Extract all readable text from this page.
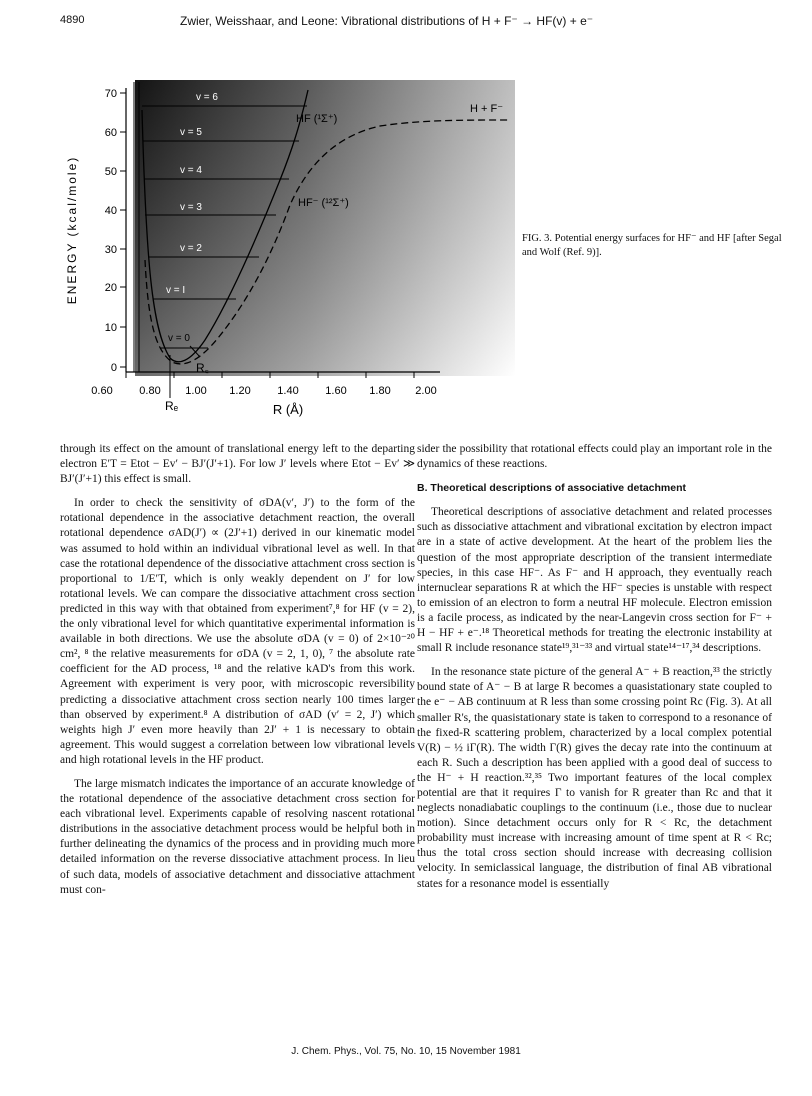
4890	Zwier, Weisshaar, and Leone: Vibrational distributions of H + F⁻ → HF(v) + e⁻
0
10
20
30
40
50
60
70
ENERGY (kcal/mole)
0.60 0.80 1.00 1.20 1.40 1.60 1.80 2.00
R (Å)
Rₑ
v = 0
v = I
v = 2
v = 3
v = 4
v = 5
v = 6
R꜀
HF (¹Σ⁺)
HF⁻ (¹²Σ⁺)
H + F⁻
FIG. 3. Potential energy surfaces for HF⁻ and HF [after Segal and Wolf (Ref. 9)].

through its effect on the amount of translational energy left to the departing electron E′T = Etot − Ev′ − BJ′(J′+1). For low J′ levels where Etot − Ev′ ≫ BJ′(J′+1) this effect is small.

In order to check the sensitivity of σDA(v′, J′) to the form of the rotational dependence in the associative detachment reaction, the overall rotational dependence σAD(J′) ∝ (2J′+1) derived in our kinematic model was assumed to hold within an individual vibrational level as well. In that case the rotational dependence of the dissociative attachment cross section is proportional to 1/E′T, which is only weakly dependent on J′ for low rotational levels. We can compare the dissociative attachment cross section predicted in this way with that obtained from experiment⁷,⁸ for HF (v = 2), the only vibrational level for which quantitative experimental information is available in both directions. We use the absolute σDA (v = 0) of 2×10⁻²⁰ cm², ⁸ the relative measurements for σDA (v = 2, 1, 0), ⁷ the absolute rate coefficient for the AD process, ¹⁸ and the relative kAD's from this work. Agreement with experiment is very poor, with microscopic reversibility predicting a dissociative attachment cross section nearly 100 times larger than observed by experiment.⁸ A distribution of σAD (v′ = 2, J′) which weights high J′ even more heavily than 2J′ + 1 is necessary to obtain agreement. This would suggest a correlation between low vibrational levels and high rotational levels in the HF product.

The large mismatch indicates the importance of an accurate knowledge of the rotational dependence of the associative detachment cross section for each vibrational level. Experiments capable of resolving nascent rotational distributions in the associative detachment process would be helpful both in further delineating the dynamics of the process and in providing much more detailed information on the reverse dissociative attachment process. In lieu of such data, models of associative detachment and dissociative attachment must con-

sider the possibility that rotational effects could play an important role in the dynamics of these reactions.

B. Theoretical descriptions of associative detachment

Theoretical descriptions of associative detachment and related processes such as dissociative attachment and vibrational excitation by electron impact are in a state of active development. At the heart of the problem lies the question of the most appropriate description of the transient intermediate species, in this case HF⁻. As F⁻ and H approach, they eventually reach internuclear separations R at which the HF⁻ species is unstable with respect to emission of an electron to form a neutral HF molecule. Electron emission is a facile process, as indicated by the near-Langevin cross section for F⁻ + H − HF + e⁻.¹⁸ Theoretical methods for treating the electronic instability at small R include resonance state¹⁹,³¹⁻³³ and virtual state¹⁴⁻¹⁷,³⁴ descriptions.

In the resonance state picture of the general A⁻ + B reaction,³³ the strictly bound state of A⁻ − B at large R becomes a quasistationary state coupled to the e⁻ − AB continuum at R less than some crossing point Rc (Fig. 3). At all smaller R's, the quasistationary state is taken to correspond to a resonance of the fixed-R scattering problem, characterized by a local complex potential V(R) − ½ iΓ(R). The width Γ(R) gives the decay rate into the continuum at each R. Such a description has been applied with a good deal of success to the H⁻ + H reaction.³²,³⁵ Two important features of the local complex potential are that it requires Γ to vanish for R greater than Rc and that it neglects nonadiabatic couplings to the continuum (i.e., those due to nuclear motion). Since detachment occurs only for R < Rc, the detachment probability must increase with increasing amount of time spent at R < Rc; thus the total cross section should increase with decreasing collision velocity. In semiclassical language, the distribution of final AB vibrational states for a resonance model is essentially

J. Chem. Phys., Vol. 75, No. 10, 15 November 1981
